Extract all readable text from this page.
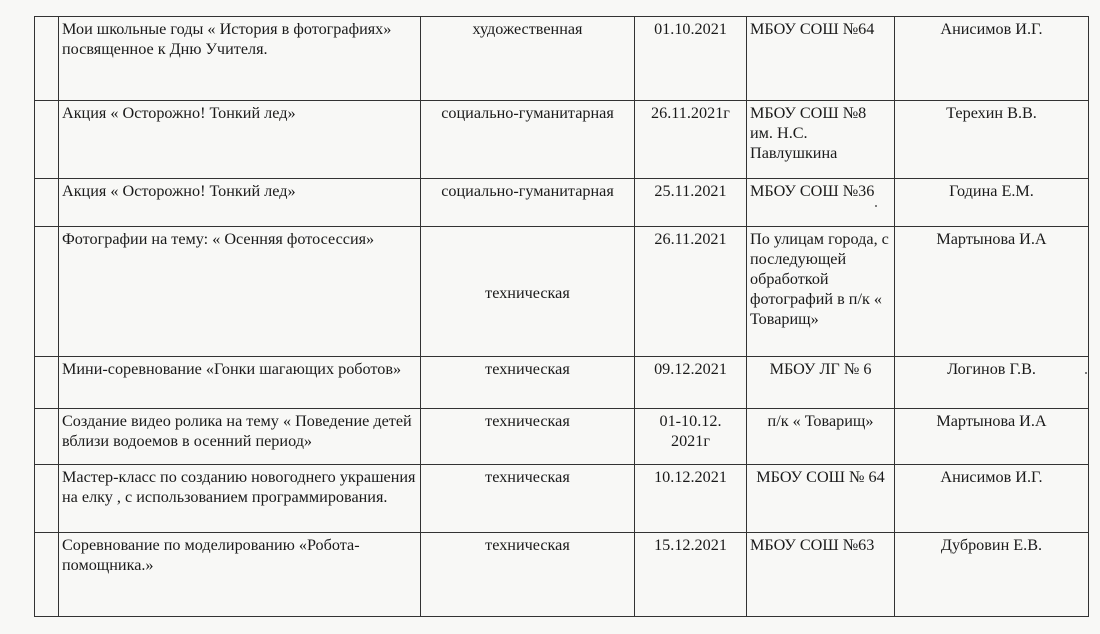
	Мои школьные годы « История в фотографиях» посвященное к Дню Учителя.	художественная	01.10.2021	МБОУ СОШ №64	Анисимов И.Г.
	Акция « Осторожно! Тонкий лед»	социально-гуманитарная	26.11.2021г	МБОУ СОШ №8 им. Н.С. Павлушкина	Терехин В.В.
	Акция « Осторожно! Тонкий лед»	социально-гуманитарная	25.11.2021	МБОУ СОШ №36	Година Е.М.
	Фотографии на тему: « Осенняя фотосессия»	техническая	26.11.2021	По улицам города, с последующей обработкой фотографий в п/к « Товарищ»	Мартынова И.А
	Мини-соревнование «Гонки шагающих роботов»	техническая	09.12.2021	МБОУ ЛГ № 6	Логинов Г.В.
	Создание видео ролика на тему « Поведение детей вблизи водоемов в осенний период»	техническая	01-10.12. 2021г	п/к « Товарищ»	Мартынова И.А
	Мастер-класс по созданию новогоднего украшения на елку , с использованием программирования.	техническая	10.12.2021	МБОУ СОШ № 64	Анисимов И.Г.
	Соревнование по моделированию «Робота-помощника.»	техническая	15.12.2021	МБОУ СОШ №63	Дубровин Е.В.
